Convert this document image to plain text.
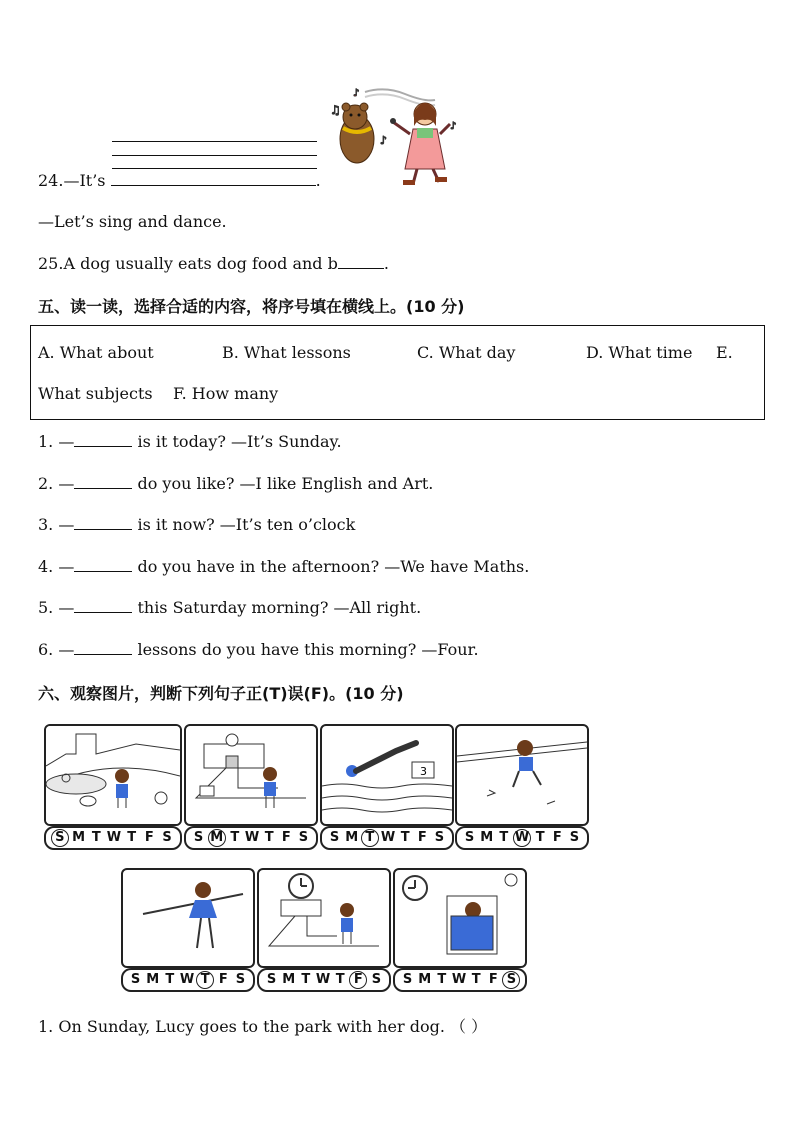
♫
♪
♪
♪
24.—It’s	.
—Let’s sing and dance.
25.A dog usually eats dog food and b	.
五、读一读，选择合适的内容，将序号填在横线上。(10 分)
A. What about	B. What lessons	C. What day	D. What time E.
What subjects F. How many
1. —	is it today? —It’s Sunday.
2. —	do you like? —I like English and Art.
3. —	is it now? —It’s ten o’clock
4. —	do you have in the afternoon? —We have Maths.
5. —	this Saturday morning? —All right.
6. —	lessons do you have this morning? —Four.
六、观察图片，判断下列句子正(T)误(F)。(10 分)
3
S M T W T F S S M T W T F S S M T W T F S S M T W T F S
S M T W T F S S M T W T F S S M T W T F S
1. On Sunday, Lucy goes to the park with her dog. （ ）
